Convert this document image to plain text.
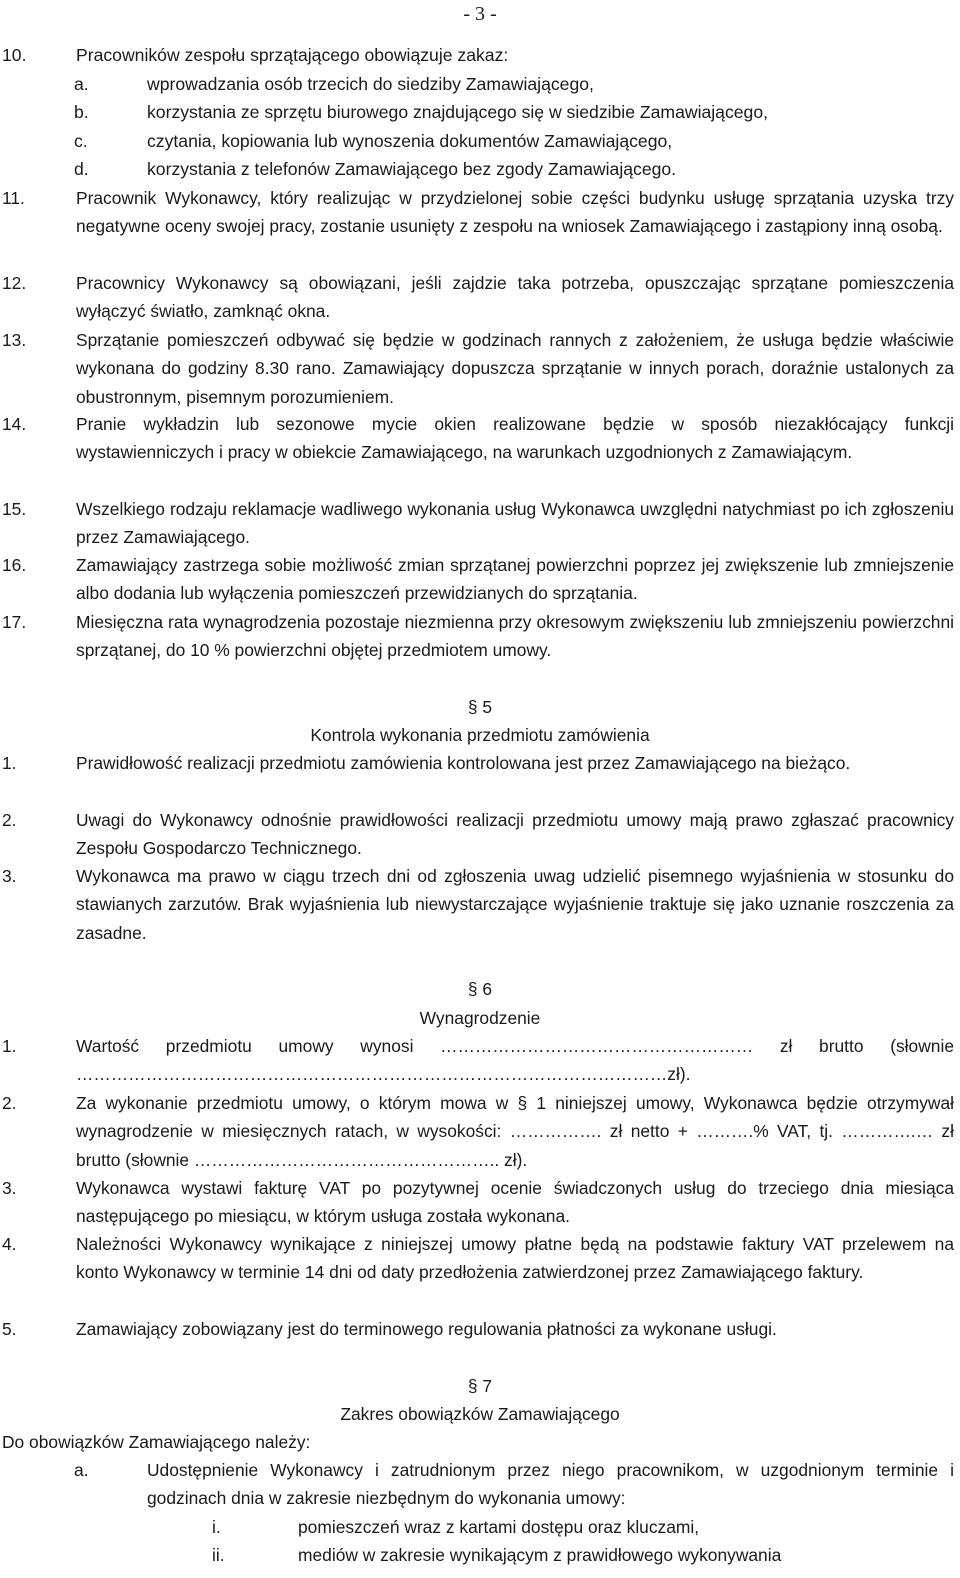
- 3 -
10.	Pracowników zespołu sprzątającego obowiązuje zakaz:
a.	wprowadzania osób trzecich do siedziby Zamawiającego,
b.	korzystania ze sprzętu biurowego znajdującego się w siedzibie Zamawiającego,
c.	czytania, kopiowania lub wynoszenia dokumentów Zamawiającego,
d.	korzystania z telefonów Zamawiającego bez zgody Zamawiającego.
11.	Pracownik Wykonawcy, który realizując w przydzielonej sobie części budynku usługę sprzątania uzyska trzy negatywne oceny swojej pracy, zostanie usunięty z zespołu na wniosek Zamawiającego i zastąpiony inną osobą.
12.	Pracownicy Wykonawcy są obowiązani, jeśli zajdzie taka potrzeba, opuszczając sprzątane pomieszczenia wyłączyć światło, zamknąć okna.
13.	Sprzątanie pomieszczeń odbywać się będzie w godzinach rannych z założeniem, że usługa będzie właściwie wykonana do godziny 8.30 rano. Zamawiający dopuszcza sprzątanie w innych porach, doraźnie ustalonych za obustronnym, pisemnym porozumieniem.
14.	Pranie wykładzin lub sezonowe mycie okien realizowane będzie w sposób niezakłócający funkcji wystawienniczych i pracy w obiekcie Zamawiającego, na warunkach uzgodnionych z Zamawiającym.
15.	Wszelkiego rodzaju reklamacje wadliwego wykonania usług Wykonawca uwzględni natychmiast po ich zgłoszeniu przez Zamawiającego.
16.	Zamawiający zastrzega sobie możliwość zmian sprzątanej powierzchni poprzez jej zwiększenie lub zmniejszenie albo dodania lub wyłączenia pomieszczeń przewidzianych do sprzątania.
17.	Miesięczna rata wynagrodzenia pozostaje niezmienna przy okresowym zwiększeniu lub zmniejszeniu powierzchni sprzątanej, do 10 % powierzchni objętej przedmiotem umowy.
§ 5
Kontrola wykonania przedmiotu zamówienia
1.	Prawidłowość realizacji przedmiotu zamówienia kontrolowana jest przez Zamawiającego na bieżąco.
2.	Uwagi do Wykonawcy odnośnie prawidłowości realizacji przedmiotu umowy mają prawo zgłaszać pracownicy Zespołu Gospodarczo Technicznego.
3.	Wykonawca ma prawo w ciągu trzech dni od zgłoszenia uwag udzielić pisemnego wyjaśnienia w stosunku do stawianych zarzutów. Brak wyjaśnienia lub niewystarczające wyjaśnienie traktuje się jako uznanie roszczenia za zasadne.
§ 6
Wynagrodzenie
1.	Wartość przedmiotu umowy wynosi ……………………………………………… zł brutto (słownie …………………………………………………………………………………………zł).
2.	Za wykonanie przedmiotu umowy, o którym mowa w § 1 niniejszej umowy, Wykonawca będzie otrzymywał wynagrodzenie w miesięcznych ratach, w wysokości: ……………. zł netto + ……….% VAT, tj. ………….… zł brutto (słownie …………………………………………….. zł).
3.	Wykonawca wystawi fakturę VAT po pozytywnej ocenie świadczonych usług do trzeciego dnia miesiąca następującego po miesiącu, w którym usługa została wykonana.
4.	Należności Wykonawcy wynikające z niniejszej umowy płatne będą na podstawie faktury VAT przelewem na konto Wykonawcy w terminie 14 dni od daty przedłożenia zatwierdzonej przez Zamawiającego faktury.
5.	Zamawiający zobowiązany jest do terminowego regulowania płatności za wykonane usługi.
§ 7
Zakres obowiązków Zamawiającego
Do obowiązków Zamawiającego należy:
a.	Udostępnienie Wykonawcy i zatrudnionym przez niego pracownikom, w uzgodnionym terminie i godzinach dnia w zakresie niezbędnym do wykonania umowy:
i.	pomieszczeń wraz z kartami dostępu oraz kluczami,
ii.	mediów w zakresie wynikającym z prawidłowego wykonywania
